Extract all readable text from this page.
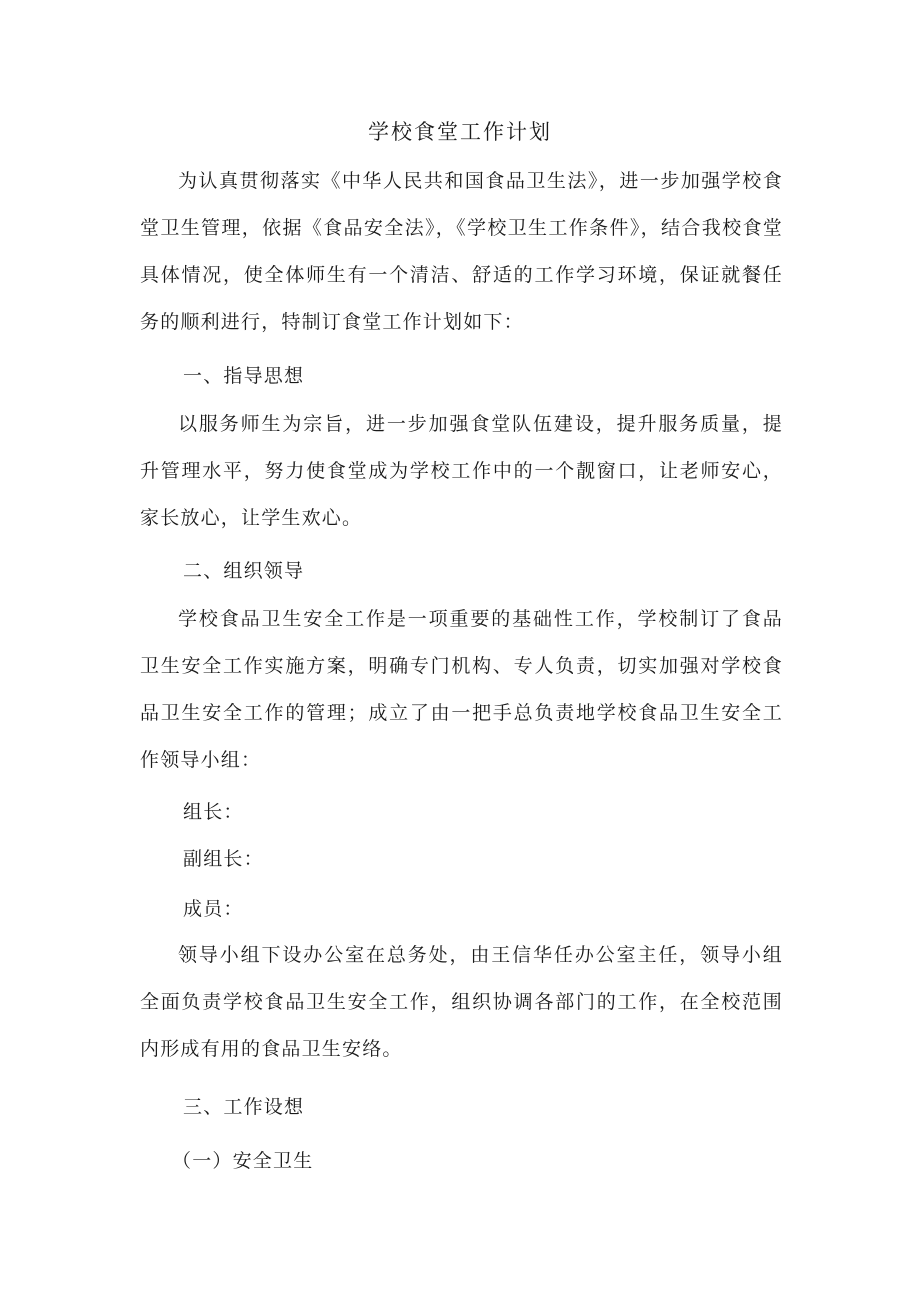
学校食堂工作计划

为认真贯彻落实《中华人民共和国食品卫生法》，进一步加强学校食堂卫生管理，依据《食品安全法》，《学校卫生工作条件》，结合我校食堂具体情况，使全体师生有一个清洁、舒适的工作学习环境，保证就餐任务的顺利进行，特制订食堂工作计划如下：

一、指导思想

以服务师生为宗旨，进一步加强食堂队伍建设，提升服务质量，提升管理水平，努力使食堂成为学校工作中的一个靓窗口，让老师安心，家长放心，让学生欢心。

二、组织领导

学校食品卫生安全工作是一项重要的基础性工作，学校制订了食品卫生安全工作实施方案，明确专门机构、专人负责，切实加强对学校食品卫生安全工作的管理；成立了由一把手总负责地学校食品卫生安全工作领导小组：

组长：

副组长：

成员：

领导小组下设办公室在总务处，由王信华任办公室主任，领导小组全面负责学校食品卫生安全工作，组织协调各部门的工作，在全校范围内形成有用的食品卫生安络。

三、工作设想

（一）安全卫生
